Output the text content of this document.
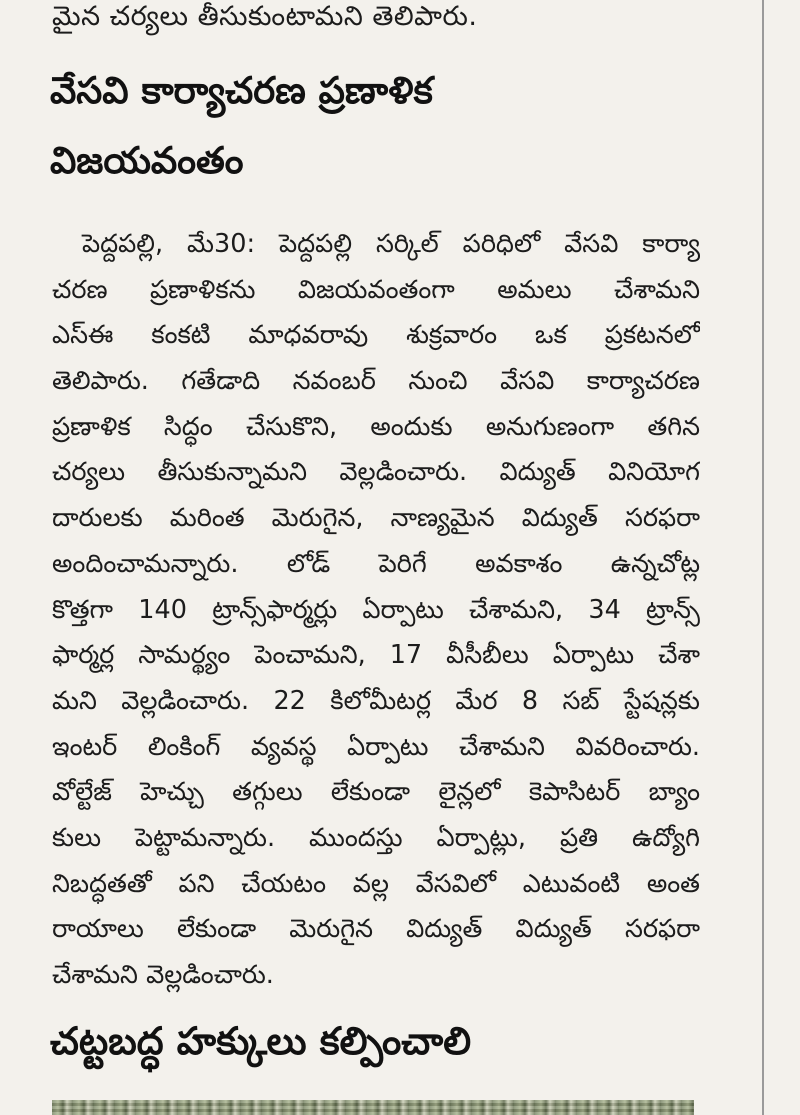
మైన చర్యలు తీసుకుంటామని తెలిపారు.
వేసవి కార్యాచరణ ప్రణాళిక
విజయవంతం
పెద్దపల్లి, మే30: పెద్దపల్లి సర్కిల్ పరిధిలో వేసవి కార్యా
చరణ ప్రణాళికను విజయవంతంగా అమలు చేశామని
ఎస్ఈ కంకటి మాధవరావు శుక్రవారం ఒక ప్రకటనలో
తెలిపారు. గతేడాది నవంబర్ నుంచి వేసవి కార్యాచరణ
ప్రణాళిక సిద్ధం చేసుకొని, అందుకు అనుగుణంగా తగిన
చర్యలు తీసుకున్నామని వెల్లడించారు. విద్యుత్ వినియోగ
దారులకు మరింత మెరుగైన, నాణ్యమైన విద్యుత్ సరఫరా
అందించామన్నారు. లోడ్ పెరిగే అవకాశం ఉన్నచోట్ల
కొత్తగా 140 ట్రాన్స్‌ఫార్మర్లు ఏర్పాటు చేశామని, 34 ట్రాన్స్
ఫార్మర్ల సామర్థ్యం పెంచామని, 17 వీసీబీలు ఏర్పాటు చేశా
మని వెల్లడించారు. 22 కిలోమీటర్ల మేర 8 సబ్ స్టేషన్లకు
ఇంటర్ లింకింగ్ వ్యవస్థ ఏర్పాటు చేశామని వివరించారు.
వోల్టేజ్ హెచ్చు తగ్గులు లేకుండా లైన్లలో కెపాసిటర్ బ్యాం
కులు పెట్టామన్నారు. ముందస్తు ఏర్పాట్లు, ప్రతి ఉద్యోగి
నిబద్ధతతో పని చేయటం వల్ల వేసవిలో ఎటువంటి అంత
రాయాలు లేకుండా మెరుగైన విద్యుత్ విద్యుత్ సరఫరా
చేశామని వెల్లడించారు.
చట్టబద్ధ హక్కులు కల్పించాలి
